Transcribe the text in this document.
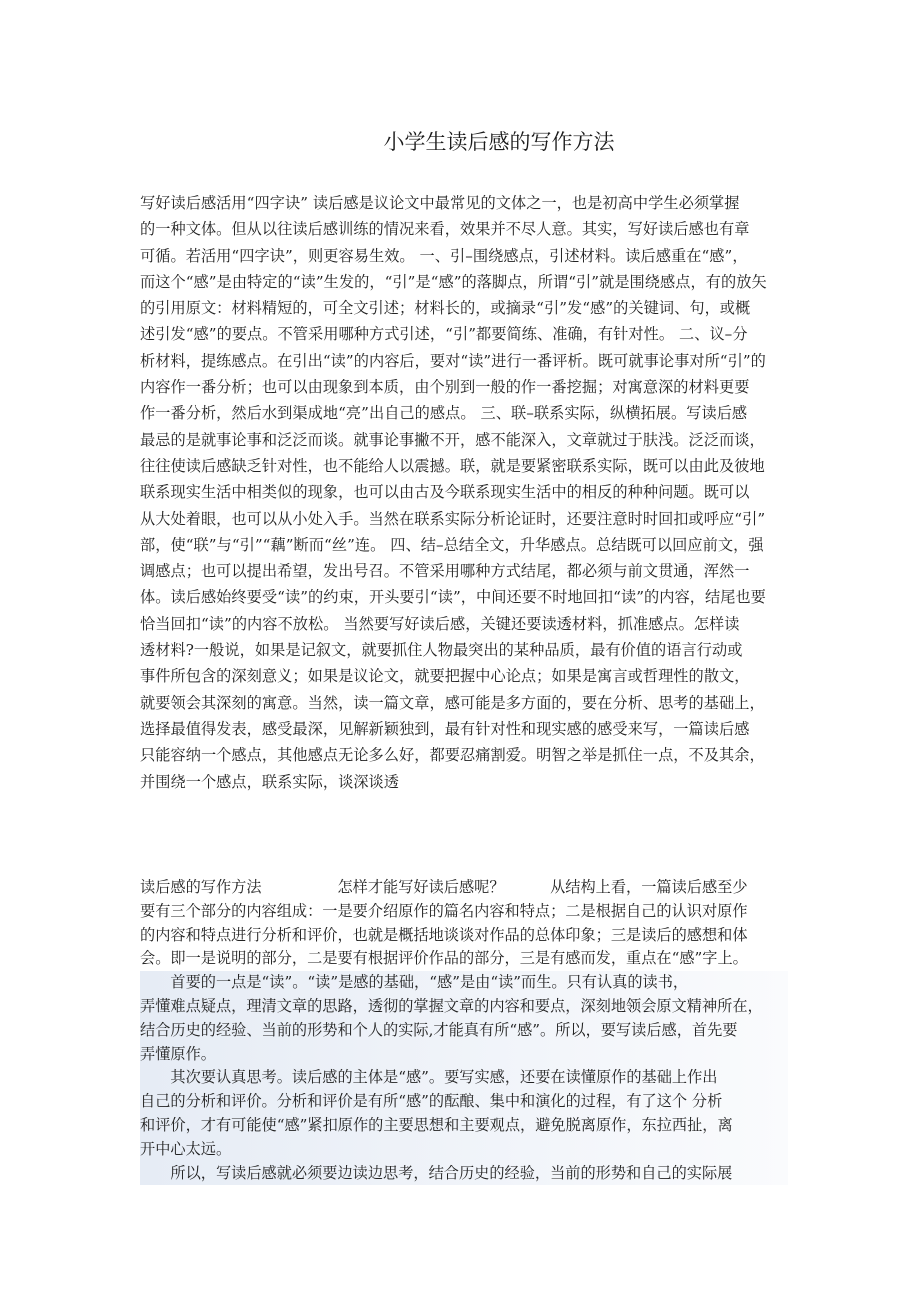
小学生读后感的写作方法
写好读后感活用“四字诀” 读后感是议论文中最常见的文体之一，也是初高中学生必须掌握
的一种文体。但从以往读后感训练的情况来看，效果并不尽人意。其实，写好读后感也有章
可循。若活用“四字诀”，则更容易生效。 一、引–围绕感点，引述材料。读后感重在“感”，
而这个“感”是由特定的“读”生发的，“引”是“感”的落脚点，所谓“引”就是围绕感点，有的放矢
的引用原文：材料精短的，可全文引述；材料长的，或摘录“引”发“感”的关键词、句，或概
述引发“感”的要点。不管采用哪种方式引述，“引”都要简练、准确，有针对性。 二、议–分
析材料，提练感点。在引出“读”的内容后，要对“读”进行一番评析。既可就事论事对所“引”的
内容作一番分析；也可以由现象到本质，由个别到一般的作一番挖掘；对寓意深的材料更要
作一番分析，然后水到渠成地“亮”出自己的感点。 三、联–联系实际，纵横拓展。写读后感
最忌的是就事论事和泛泛而谈。就事论事撇不开，感不能深入，文章就过于肤浅。泛泛而谈，
往往使读后感缺乏针对性，也不能给人以震撼。联，就是要紧密联系实际，既可以由此及彼地
联系现实生活中相类似的现象，也可以由古及今联系现实生活中的相反的种种问题。既可以
从大处着眼，也可以从小处入手。当然在联系实际分析论证时，还要注意时时回扣或呼应“引”
部，使“联”与“引”“藕”断而“丝”连。 四、结–总结全文，升华感点。总结既可以回应前文，强
调感点；也可以提出希望，发出号召。不管采用哪种方式结尾，都必须与前文贯通，浑然一
体。读后感始终要受“读”的约束，开头要引“读”，中间还要不时地回扣“读”的内容，结尾也要
恰当回扣“读”的内容不放松。 当然要写好读后感，关键还要读透材料，抓准感点。怎样读
透材料?一般说，如果是记叙文，就要抓住人物最突出的某种品质，最有价值的语言行动或
事件所包含的深刻意义；如果是议论文，就要把握中心论点；如果是寓言或哲理性的散文，
就要领会其深刻的寓意。当然，读一篇文章，感可能是多方面的，要在分析、思考的基础上，
选择最值得发表，感受最深，见解新颖独到，最有针对性和现实感的感受来写，一篇读后感
只能容纳一个感点，其他感点无论多么好，都要忍痛割爱。明智之举是抓住一点，不及其余，
并围绕一个感点，联系实际，谈深谈透
读后感的写作方法　　　　　怎样才能写好读后感呢？　　　从结构上看，一篇读后感至少
要有三个部分的内容组成：一是要介绍原作的篇名内容和特点；二是根据自己的认识对原作
的内容和特点进行分析和评价，也就是概括地谈谈对作品的总体印象；三是读后的感想和体
会。即一是说明的部分，二是要有根据评价作品的部分，三是有感而发，重点在“感”字上。
　　首要的一点是“读”。“读”是感的基础，“感”是由“读”而生。只有认真的读书，
弄懂难点疑点，理清文章的思路，透彻的掌握文章的内容和要点，深刻地领会原文精神所在，
结合历史的经验、当前的形势和个人的实际,才能真有所“感”。所以，要写读后感，首先要
弄懂原作。
　　其次要认真思考。读后感的主体是“感”。要写实感，还要在读懂原作的基础上作出
自己的分析和评价。分析和评价是有所“感”的酝酿、集中和演化的过程，有了这个 分析
和评价，才有可能使“感”紧扣原作的主要思想和主要观点，避免脱离原作，东拉西扯，离
开中心太远。
　　所以，写读后感就必须要边读边思考，结合历史的经验，当前的形势和自己的实际展
